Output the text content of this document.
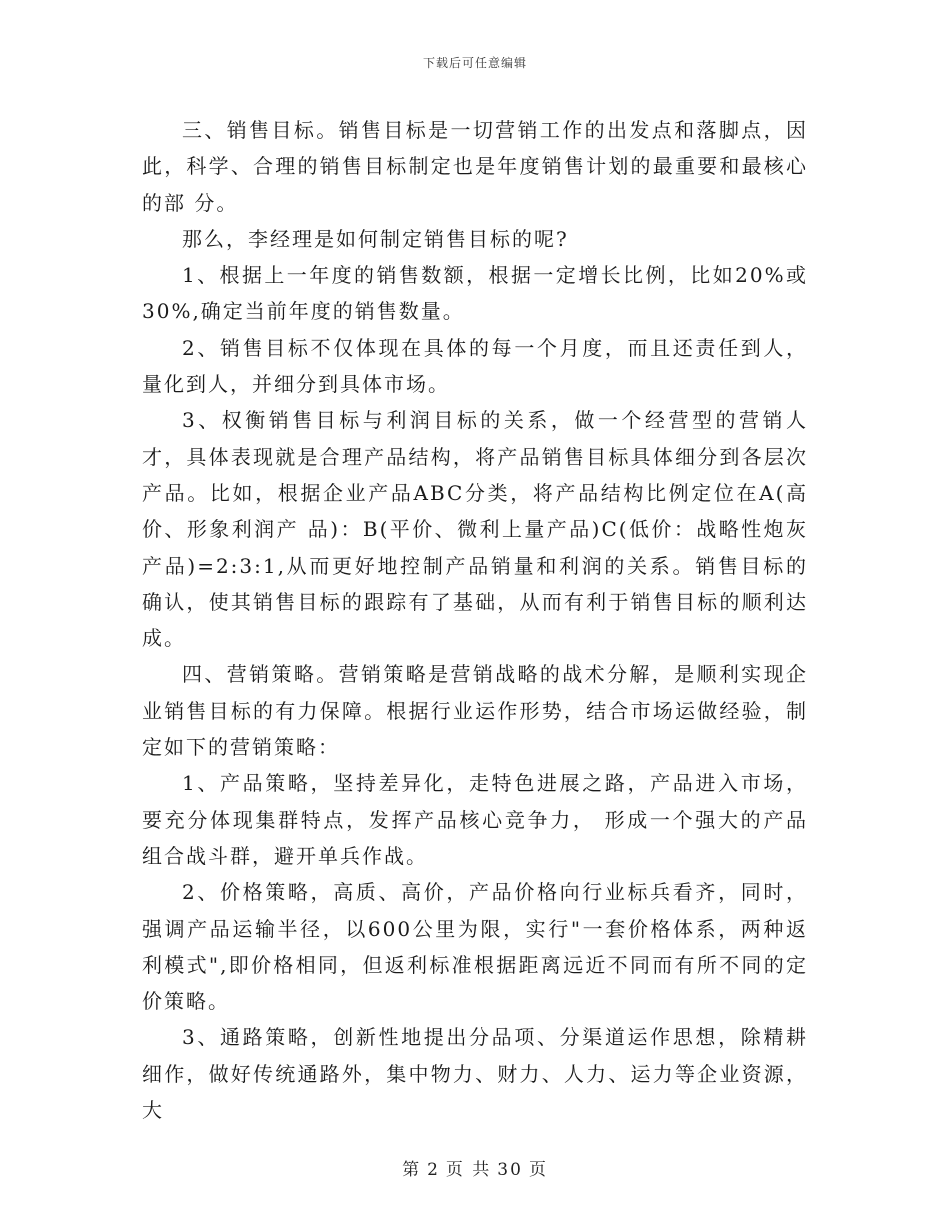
下载后可任意编辑

三、销售目标。销售目标是一切营销工作的出发点和落脚点，因此，科学、合理的销售目标制定也是年度销售计划的最重要和最核心的部 分。

那么，李经理是如何制定销售目标的呢?

1、根据上一年度的销售数额，根据一定增长比例，比如20%或30%,确定当前年度的销售数量。

2、销售目标不仅体现在具体的每一个月度，而且还责任到人，量化到人，并细分到具体市场。

3、权衡销售目标与利润目标的关系，做一个经营型的营销人才，具体表现就是合理产品结构，将产品销售目标具体细分到各层次产品。比如，根据企业产品ABC分类，将产品结构比例定位在A(高价、形象利润产 品)：B(平价、微利上量产品)C(低价：战略性炮灰产品)=2:3:1,从而更好地控制产品销量和利润的关系。销售目标的确认，使其销售目标的跟踪有了基础，从而有利于销售目标的顺利达成。

四、营销策略。营销策略是营销战略的战术分解，是顺利实现企业销售目标的有力保障。根据行业运作形势，结合市场运做经验，制定如下的营销策略：

1、产品策略，坚持差异化，走特色进展之路，产品进入市场，要充分体现集群特点，发挥产品核心竞争力， 形成一个强大的产品组合战斗群，避开单兵作战。

2、价格策略，高质、高价，产品价格向行业标兵看齐，同时，强调产品运输半径，以600公里为限，实行"一套价格体系，两种返利模式",即价格相同，但返利标准根据距离远近不同而有所不同的定价策略。

3、通路策略，创新性地提出分品项、分渠道运作思想，除精耕细作，做好传统通路外，集中物力、财力、人力、运力等企业资源，大

第 2 页 共 30 页
